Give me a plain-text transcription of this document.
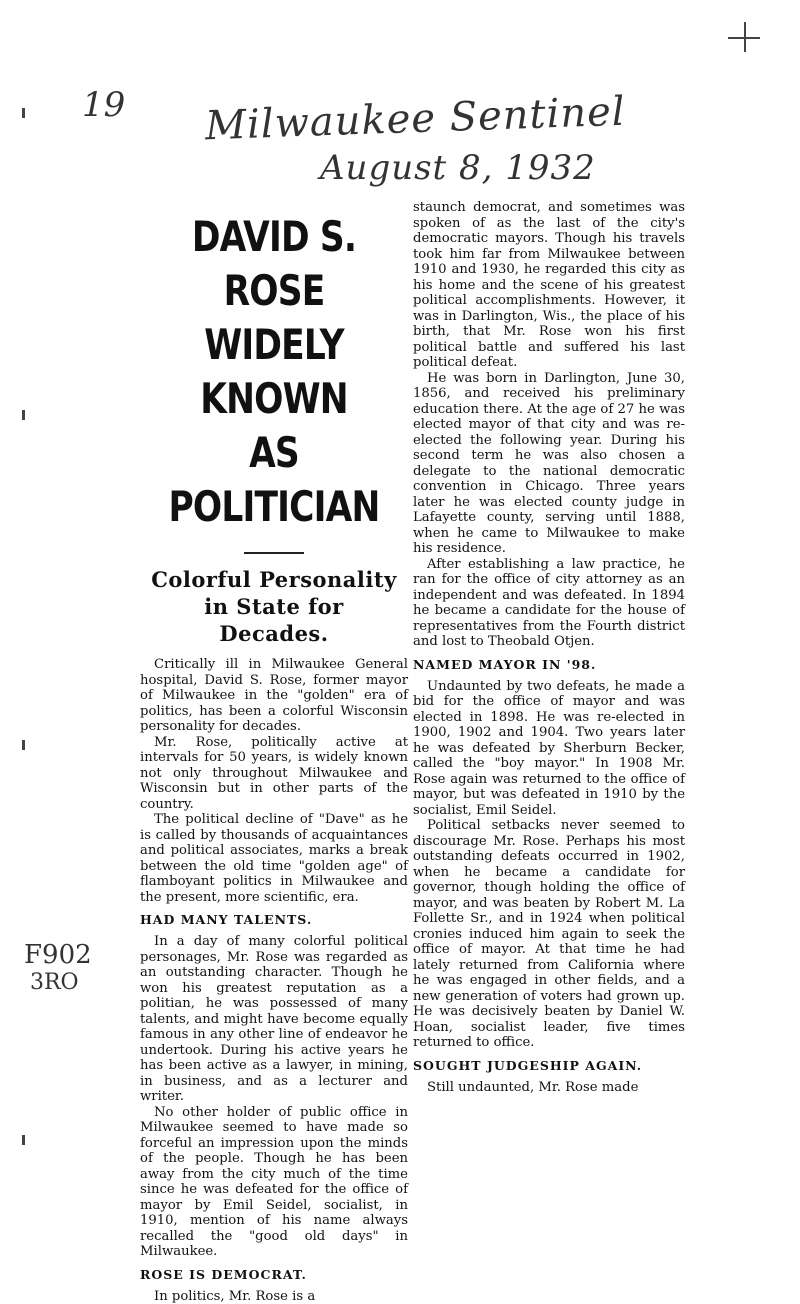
19 Milwaukee Sentinel
August 8, 1932
F902
3RO
DAVID S. ROSE
WIDELY KNOWN
AS POLITICIAN
Colorful Personality
in State for
Decades.

Critically ill in Milwaukee General hospital, David S. Rose, former mayor of Milwaukee in the "golden" era of politics, has been a colorful Wisconsin personality for decades.

Mr. Rose, politically active at intervals for 50 years, is widely known not only throughout Milwaukee and Wisconsin but in other parts of the country.

The political decline of "Dave" as he is called by thousands of acquaintances and political associates, marks a break between the old time "golden age" of flamboyant politics in Milwaukee and the present, more scientific, era.

HAD MANY TALENTS.

In a day of many colorful political personages, Mr. Rose was regarded as an outstanding character. Though he won his greatest reputation as a politian, he was possessed of many talents, and might have become equally famous in any other line of endeavor he undertook. During his active years he has been active as a lawyer, in mining, in business, and as a lecturer and writer.

No other holder of public office in Milwaukee seemed to have made so forceful an impression upon the minds of the people. Though he has been away from the city much of the time since he was defeated for the office of mayor by Emil Seidel, socialist, in 1910, mention of his name always recalled the "good old days" in Milwaukee.

ROSE IS DEMOCRAT.

In politics, Mr. Rose is a

staunch democrat, and sometimes was spoken of as the last of the city's democratic mayors. Though his travels took him far from Milwaukee between 1910 and 1930, he regarded this city as his home and the scene of his greatest political accomplishments. However, it was in Darlington, Wis., the place of his birth, that Mr. Rose won his first political battle and suffered his last political defeat.

He was born in Darlington, June 30, 1856, and received his preliminary education there. At the age of 27 he was elected mayor of that city and was re-elected the following year. During his second term he was also chosen a delegate to the national democratic convention in Chicago. Three years later he was elected county judge in Lafayette county, serving until 1888, when he came to Milwaukee to make his residence.

After establishing a law practice, he ran for the office of city attorney as an independent and was defeated. In 1894 he became a candidate for the house of representatives from the Fourth district and lost to Theobald Otjen.

NAMED MAYOR IN '98.

Undaunted by two defeats, he made a bid for the office of mayor and was elected in 1898. He was re-elected in 1900, 1902 and 1904. Two years later he was defeated by Sherburn Becker, called the "boy mayor." In 1908 Mr. Rose again was returned to the office of mayor, but was defeated in 1910 by the socialist, Emil Seidel.

Political setbacks never seemed to discourage Mr. Rose. Perhaps his most outstanding defeats occurred in 1902, when he became a candidate for governor, though holding the office of mayor, and was beaten by Robert M. La Follette Sr., and in 1924 when political cronies induced him again to seek the office of mayor. At that time he had lately returned from California where he was engaged in other fields, and a new generation of voters had grown up. He was decisively beaten by Daniel W. Hoan, socialist leader, five times returned to office.

SOUGHT JUDGESHIP AGAIN.

Still undaunted, Mr. Rose made
